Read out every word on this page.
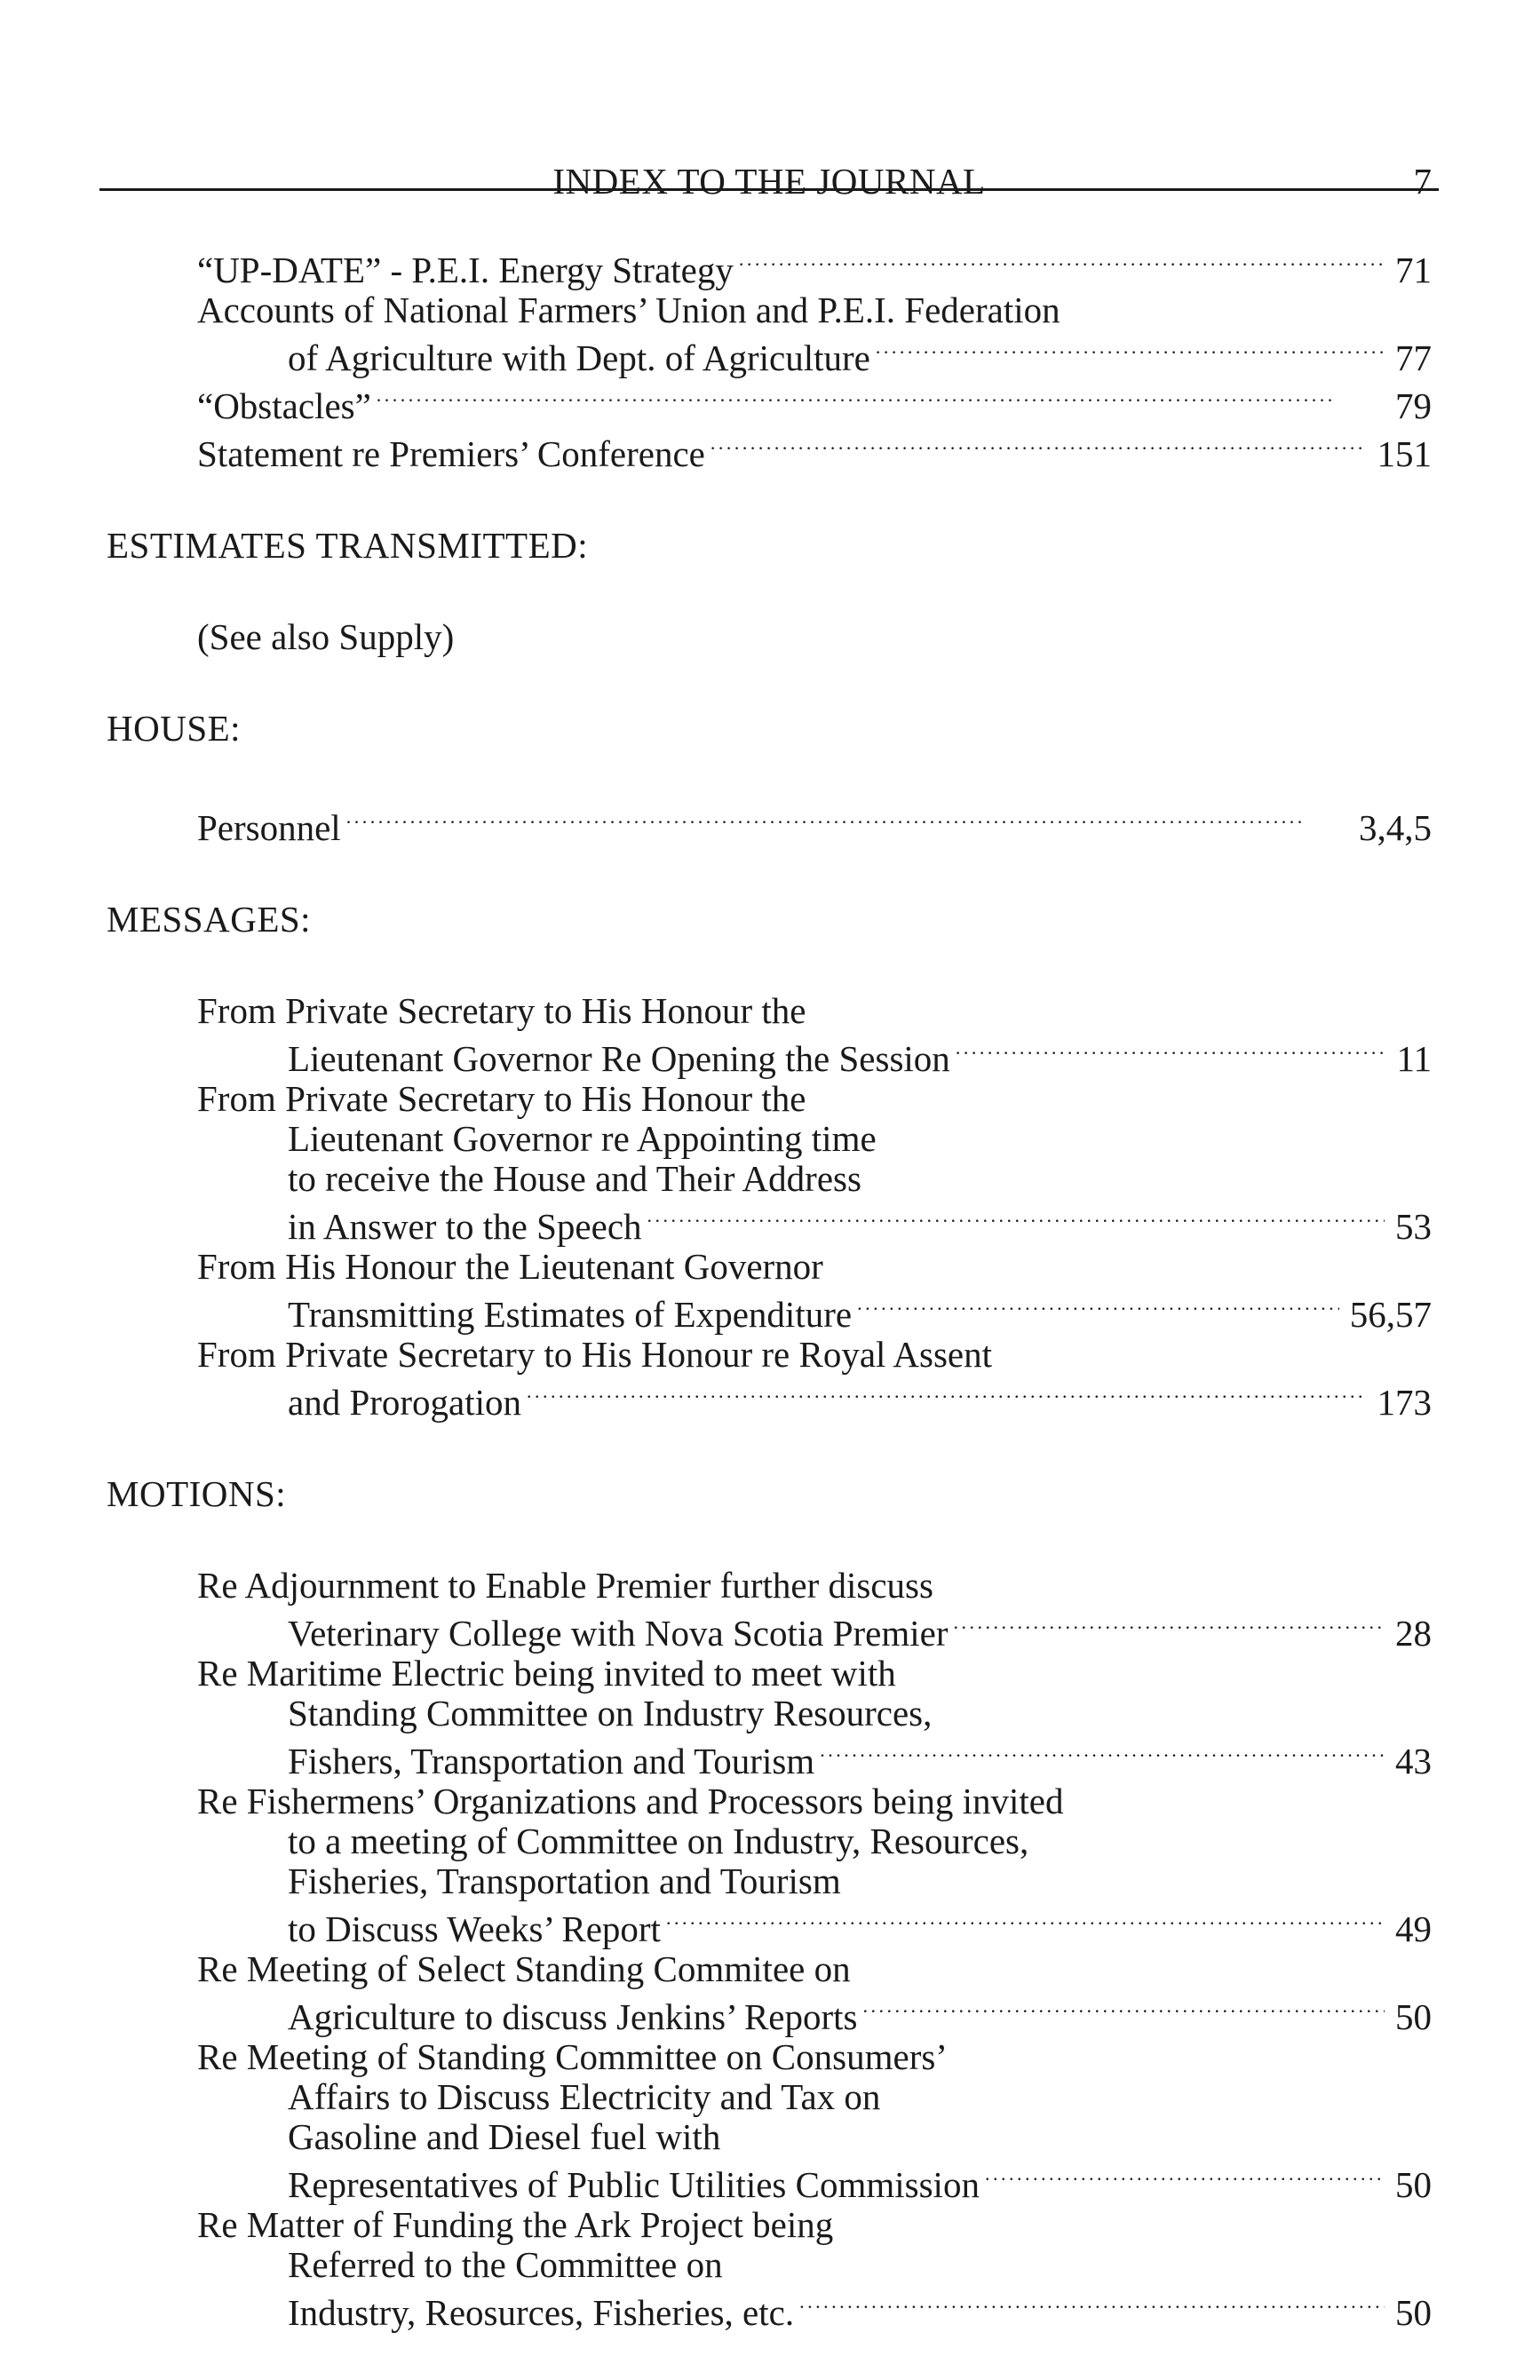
INDEX TO THE JOURNAL	7
“UP-DATE” - P.E.I. Energy Strategy . . .	71
Accounts of National Farmers’ Union and P.E.I. Federation
of Agriculture with Dept. of Agriculture . . .	77
“Obstacles” . . .	79
Statement re Premiers’ Conference . . .	151
ESTIMATES TRANSMITTED:
(See also Supply)
HOUSE:
Personnel . . .	3,4,5
MESSAGES:
From Private Secretary to His Honour the
Lieutenant Governor Re Opening the Session . . .	11
From Private Secretary to His Honour the
Lieutenant Governor re Appointing time
to receive the House and Their Address
in Answer to the Speech . . .	53
From His Honour the Lieutenant Governor
Transmitting Estimates of Expenditure . . .	56,57
From Private Secretary to His Honour re Royal Assent
and Prorogation . . .	173
MOTIONS:
Re Adjournment to Enable Premier further discuss
Veterinary College with Nova Scotia Premier . . .	28
Re Maritime Electric being invited to meet with
Standing Committee on Industry Resources,
Fishers, Transportation and Tourism . . .	43
Re Fishermens’ Organizations and Processors being invited
to a meeting of Committee on Industry, Resources,
Fisheries, Transportation and Tourism
to Discuss Weeks’ Report . . .	49
Re Meeting of Select Standing Commitee on
Agriculture to discuss Jenkins’ Reports . . .	50
Re Meeting of Standing Committee on Consumers’
Affairs to Discuss Electricity and Tax on
Gasoline and Diesel fuel with
Representatives of Public Utilities Commission . . .	50
Re Matter of Funding the Ark Project being
Referred to the Committee on
Industry, Reosurces, Fisheries, etc. . . .	50
